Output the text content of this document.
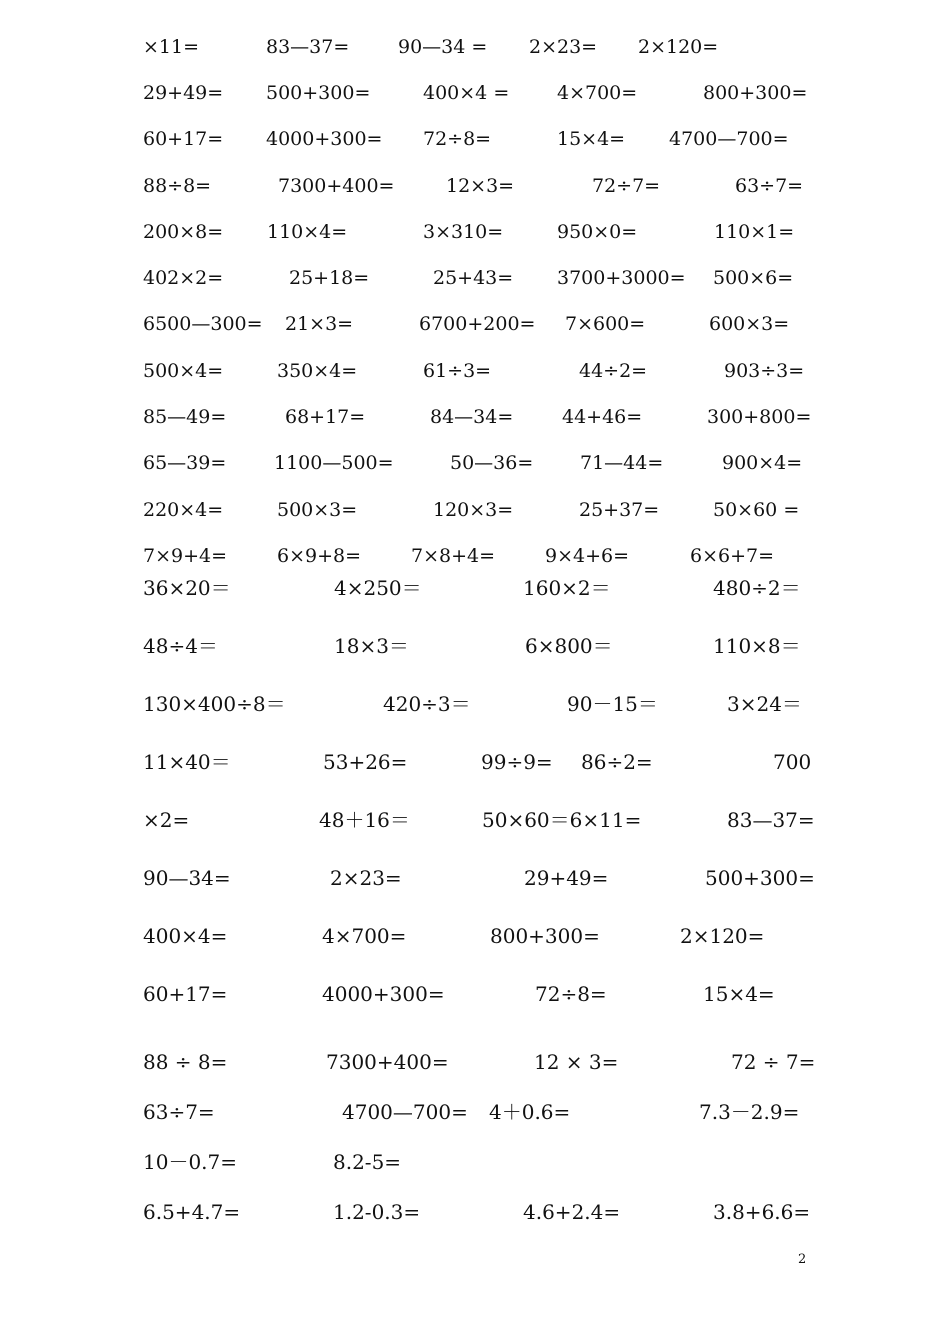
×11=	83—37=	90—34 = 2×23= 2×120=
29+49= 500+300=	400×4 =	4×700=	800+300=
60+17= 4000+300= 72÷8=	15×4= 4700—700=
88÷8=	7300+400=	12×3=	72÷7=	63÷7=
200×8= 110×4=	3×310=	950×0=	110×1=
402×2=	25+18=	25+43= 3700+3000= 500×6=
6500—300= 21×3=	6700+200= 7×600=	600×3=
500×4=	350×4=	61÷3=	44÷2=	903÷3=
85—49=	68+17=	84—34=	44+46=	300+800=
65—39=	1100—500=	50—36= 71—44=	900×4=
220×4=	500×3=	120×3=	25+37=	50×60 =
7×9+4=	6×9+8=	7×8+4=	9×4+6=	6×6+7=
36×20＝	4×250＝	160×2＝	480÷2＝
48÷4＝	18×3＝	6×800＝	110×8＝
130×400÷8＝	420÷3＝	90－15＝	3×24＝
11×40＝	53+26=	99÷9= 86÷2=	700
×2=	48＋16＝	50×60＝6×11=	83—37=
90—34=	2×23=	29+49=	500+300=
400×4=	4×700=	800+300=	2×120=
60+17=	4000+300=	72÷8=	15×4=
88 ÷ 8=	7300+400=	12 × 3=	72 ÷ 7=
63÷7=	4700—700= 4＋0.6=	7.3－2.9=
10－0.7=	8.2-5=
6.5+4.7=	1.2-0.3=	4.6+2.4=	3.8+6.6=
2
